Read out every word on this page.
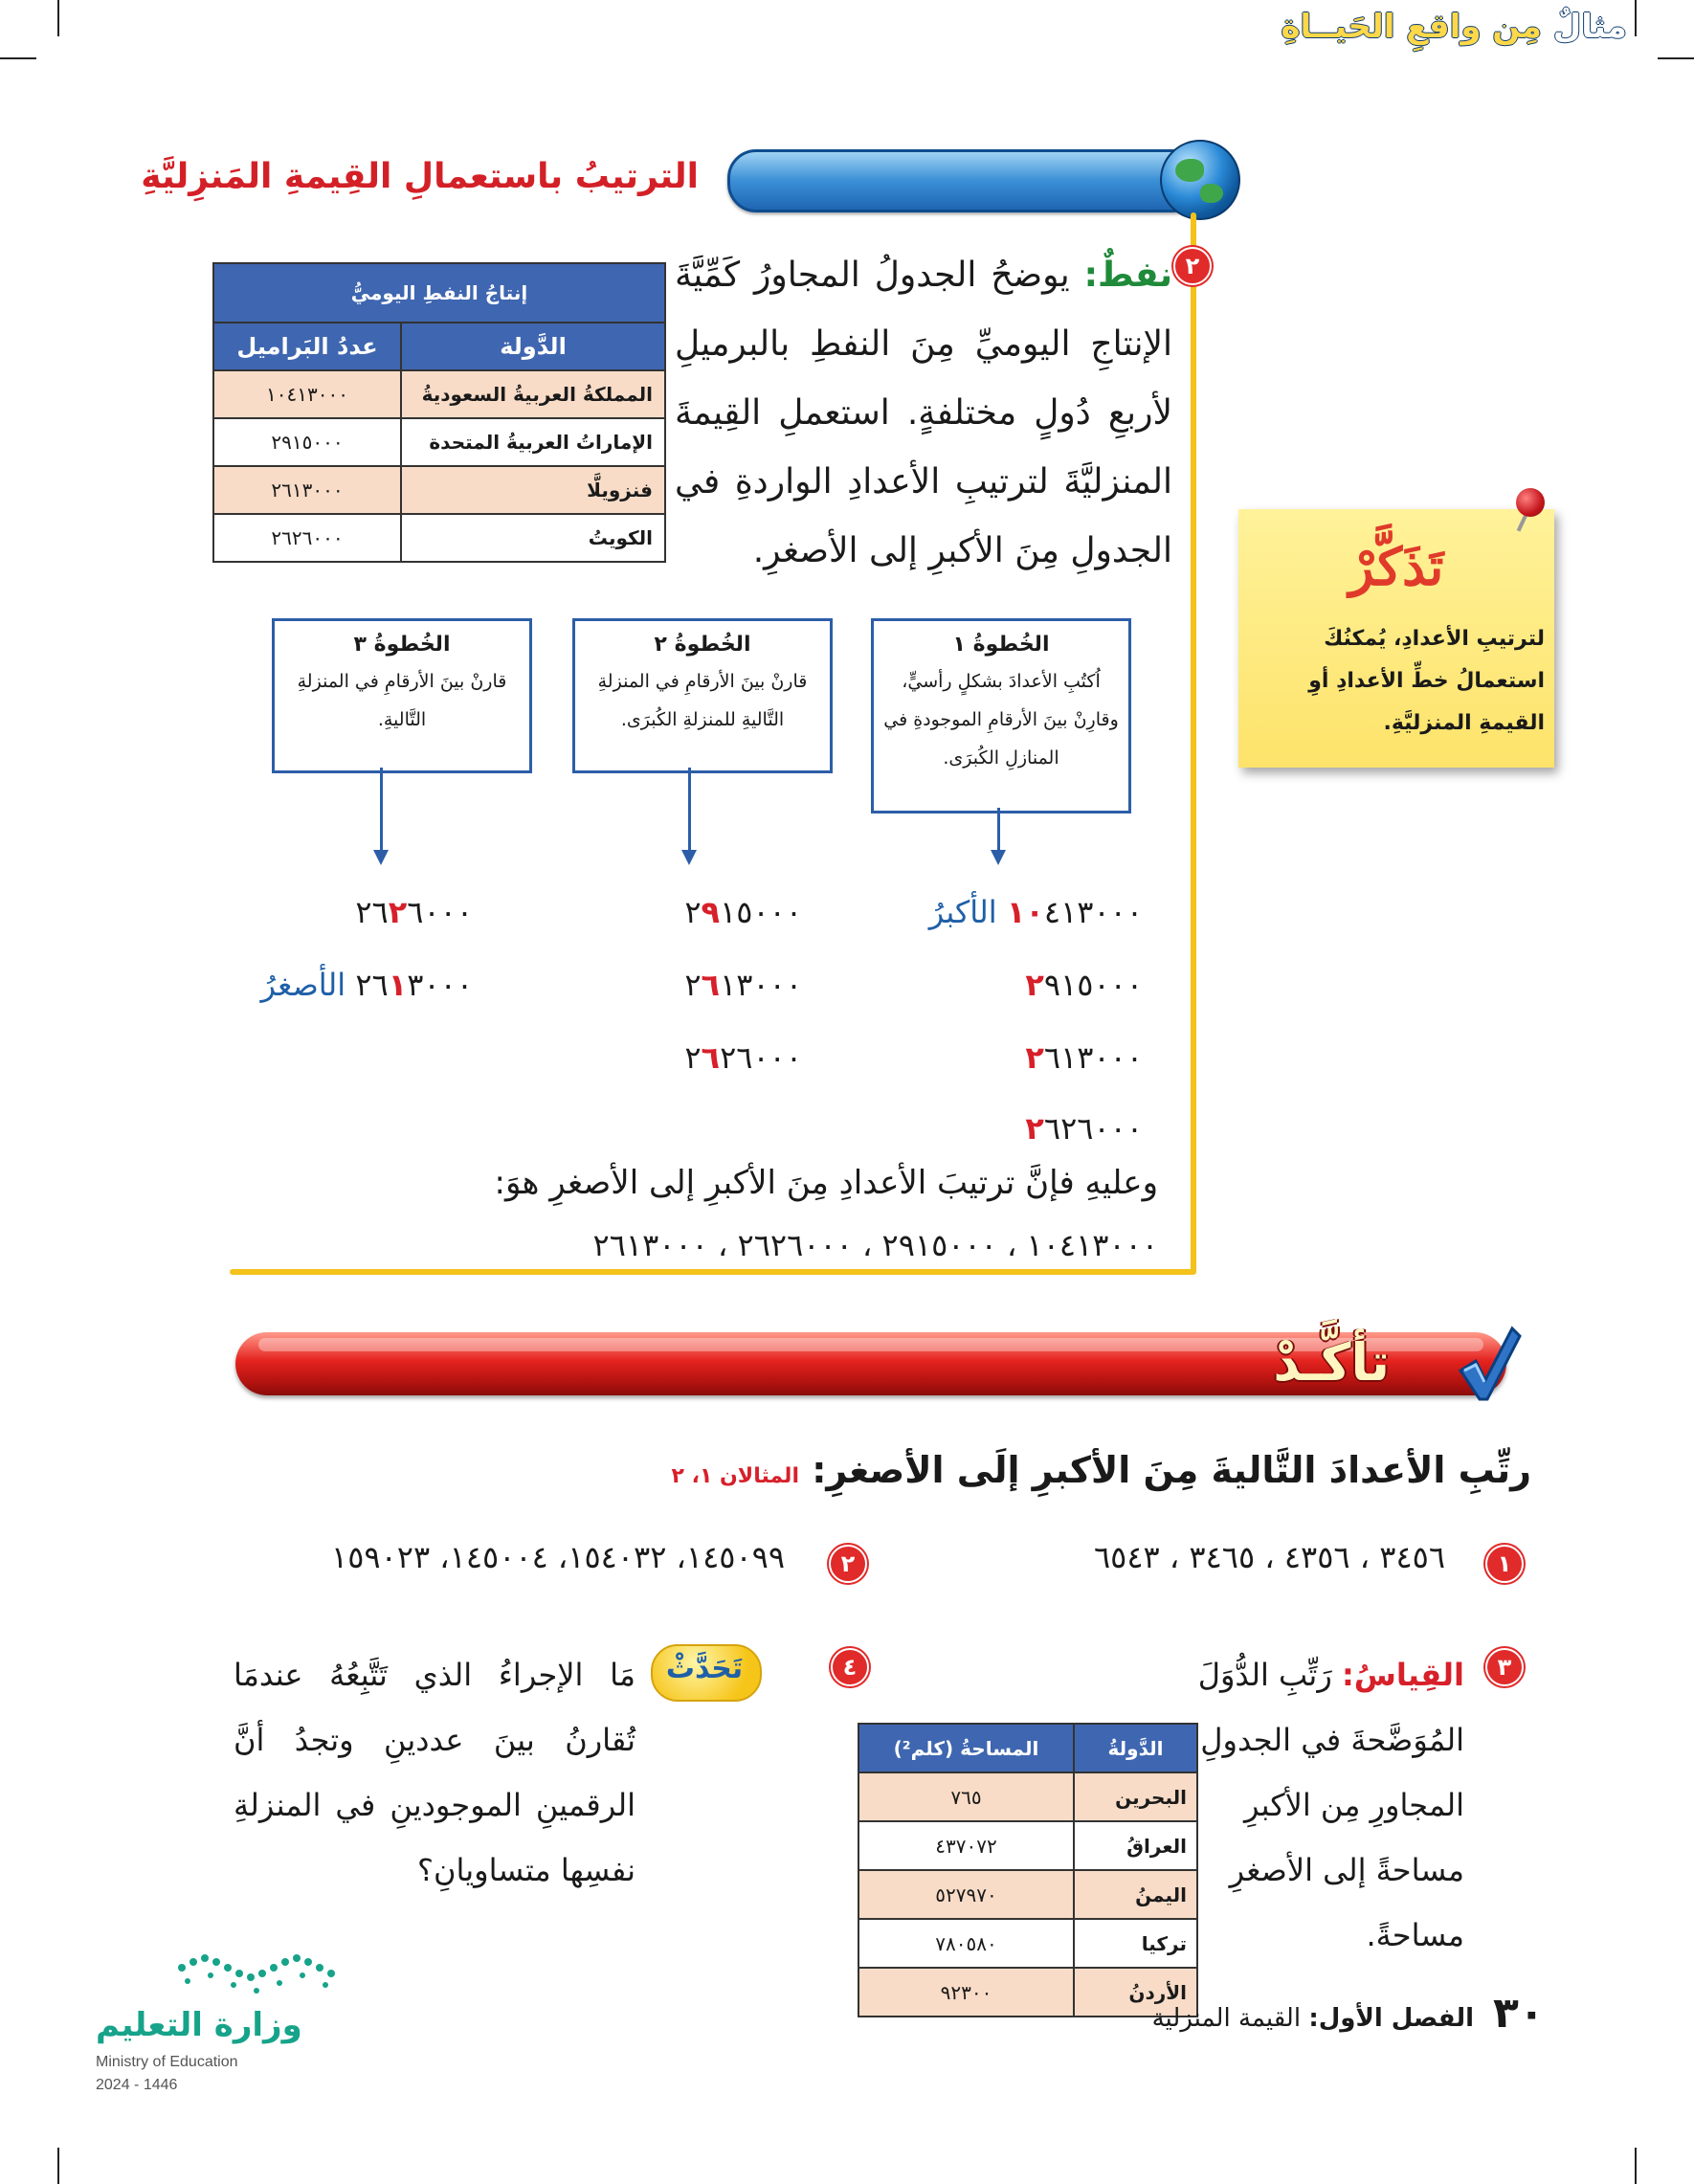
مثالٌ مِن واقعِ الحَيــاةِ
الترتيبُ باستعمالِ القِيمةِ المَنزِليَّةِ
٢
نفطٌ: يوضحُ الجدولُ المجاورُ كَمِّيَّةَ الإنتاجِ اليوميِّ مِنَ النفطِ بالبرميلِ لأربعِ دُولٍ مختلفةٍ. استعملِ القِيمةَ المنزليَّةَ لترتيبِ الأعدادِ الواردةِ في الجدولِ مِنَ الأكبرِ إلى الأصغرِ.
إنتاجُ النفطِ اليوميُّ	
الدَّولة	عددُ البَراميل
المملكةُ العربيةُ السعوديةُ	١٠٤١٣٠٠٠
الإماراتُ العربيةُ المتحدة	٢٩١٥٠٠٠
فنزويلَّا	٢٦١٣٠٠٠
الكويتُ	٢٦٢٦٠٠٠	تَذَكَّرْ
لترتيبِ الأعدادِ، يُمكنُكَ استعمالُ خطِّ الأعدادِ أوِ القيمةِ المنزليَّةِ.
الخُطوةُ ١
اُكتُبِ الأعدادَ بشكلٍ رأسيٍّ، وقارِنْ بينَ الأرقامِ الموجودةِ في المنازلِ الكُبرَى.
الخُطوةُ ٢
قارنْ بينَ الأرقامِ في المنزلةِ التَّاليةِ للمنزلةِ الكُبرَى.
الخُطوةُ ٣
قارنْ بينَ الأرقامِ في المنزلةِ التَّاليةِ.
١٠٤١٣٠٠٠ الأكبرُ
٢٩١٥٠٠٠
٢٦١٣٠٠٠
٢٦٢٦٠٠٠
٢٩١٥٠٠٠
٢٦١٣٠٠٠
٢٦٢٦٠٠٠
٢٦٢٦٠٠٠
٢٦١٣٠٠٠ الأصغرُ
وعليهِ فإنَّ ترتيبَ الأعدادِ مِنَ الأكبرِ إلى الأصغرِ هوَ:
١٠٤١٣٠٠٠ ، ٢٩١٥٠٠٠ ، ٢٦٢٦٠٠٠ ، ٢٦١٣٠٠٠
تأكَّـدْ
رتِّبِ الأعدادَ التَّاليةَ مِنَ الأكبرِ إلَى الأصغرِ: المثالان ١، ٢
١
٣٤٥٦ ، ٤٣٥٦ ، ٣٤٦٥ ، ٦٥٤٣
٢
١٤٥٠٩٩، ١٥٤٠٣٢، ١٤٥٠٠٤، ١٥٩٠٢٣
٣
القِياسُ: رَتِّبِ الدُّوَلَ المُوَضَّحةَ في الجدولِ المجاورِ مِن الأكبرِ مساحةً إلى الأصغرِ مساحةً.
الدَّولةُ	المساحةُ (كلم²)
البحرين	٧٦٥
العراقُ	٤٣٧٠٧٢
اليمنُ	٥٢٧٩٧٠
تركيا	٧٨٠٥٨٠
الأردنُ	٩٢٣٠٠
٤
تَحَدَّثْ
مَا الإجراءُ الذي تَتَّبِعُهُ عندمَا تُقارنُ بينَ عددينِ وتجدُ أنَّ الرقمينِ الموجودينِ في المنزلةِ نفسِها متساويانِ؟
٣٠
الفصل الأول: القيمة المنزلية
وزارة التعليم
Ministry of Education
2024 - 1446
